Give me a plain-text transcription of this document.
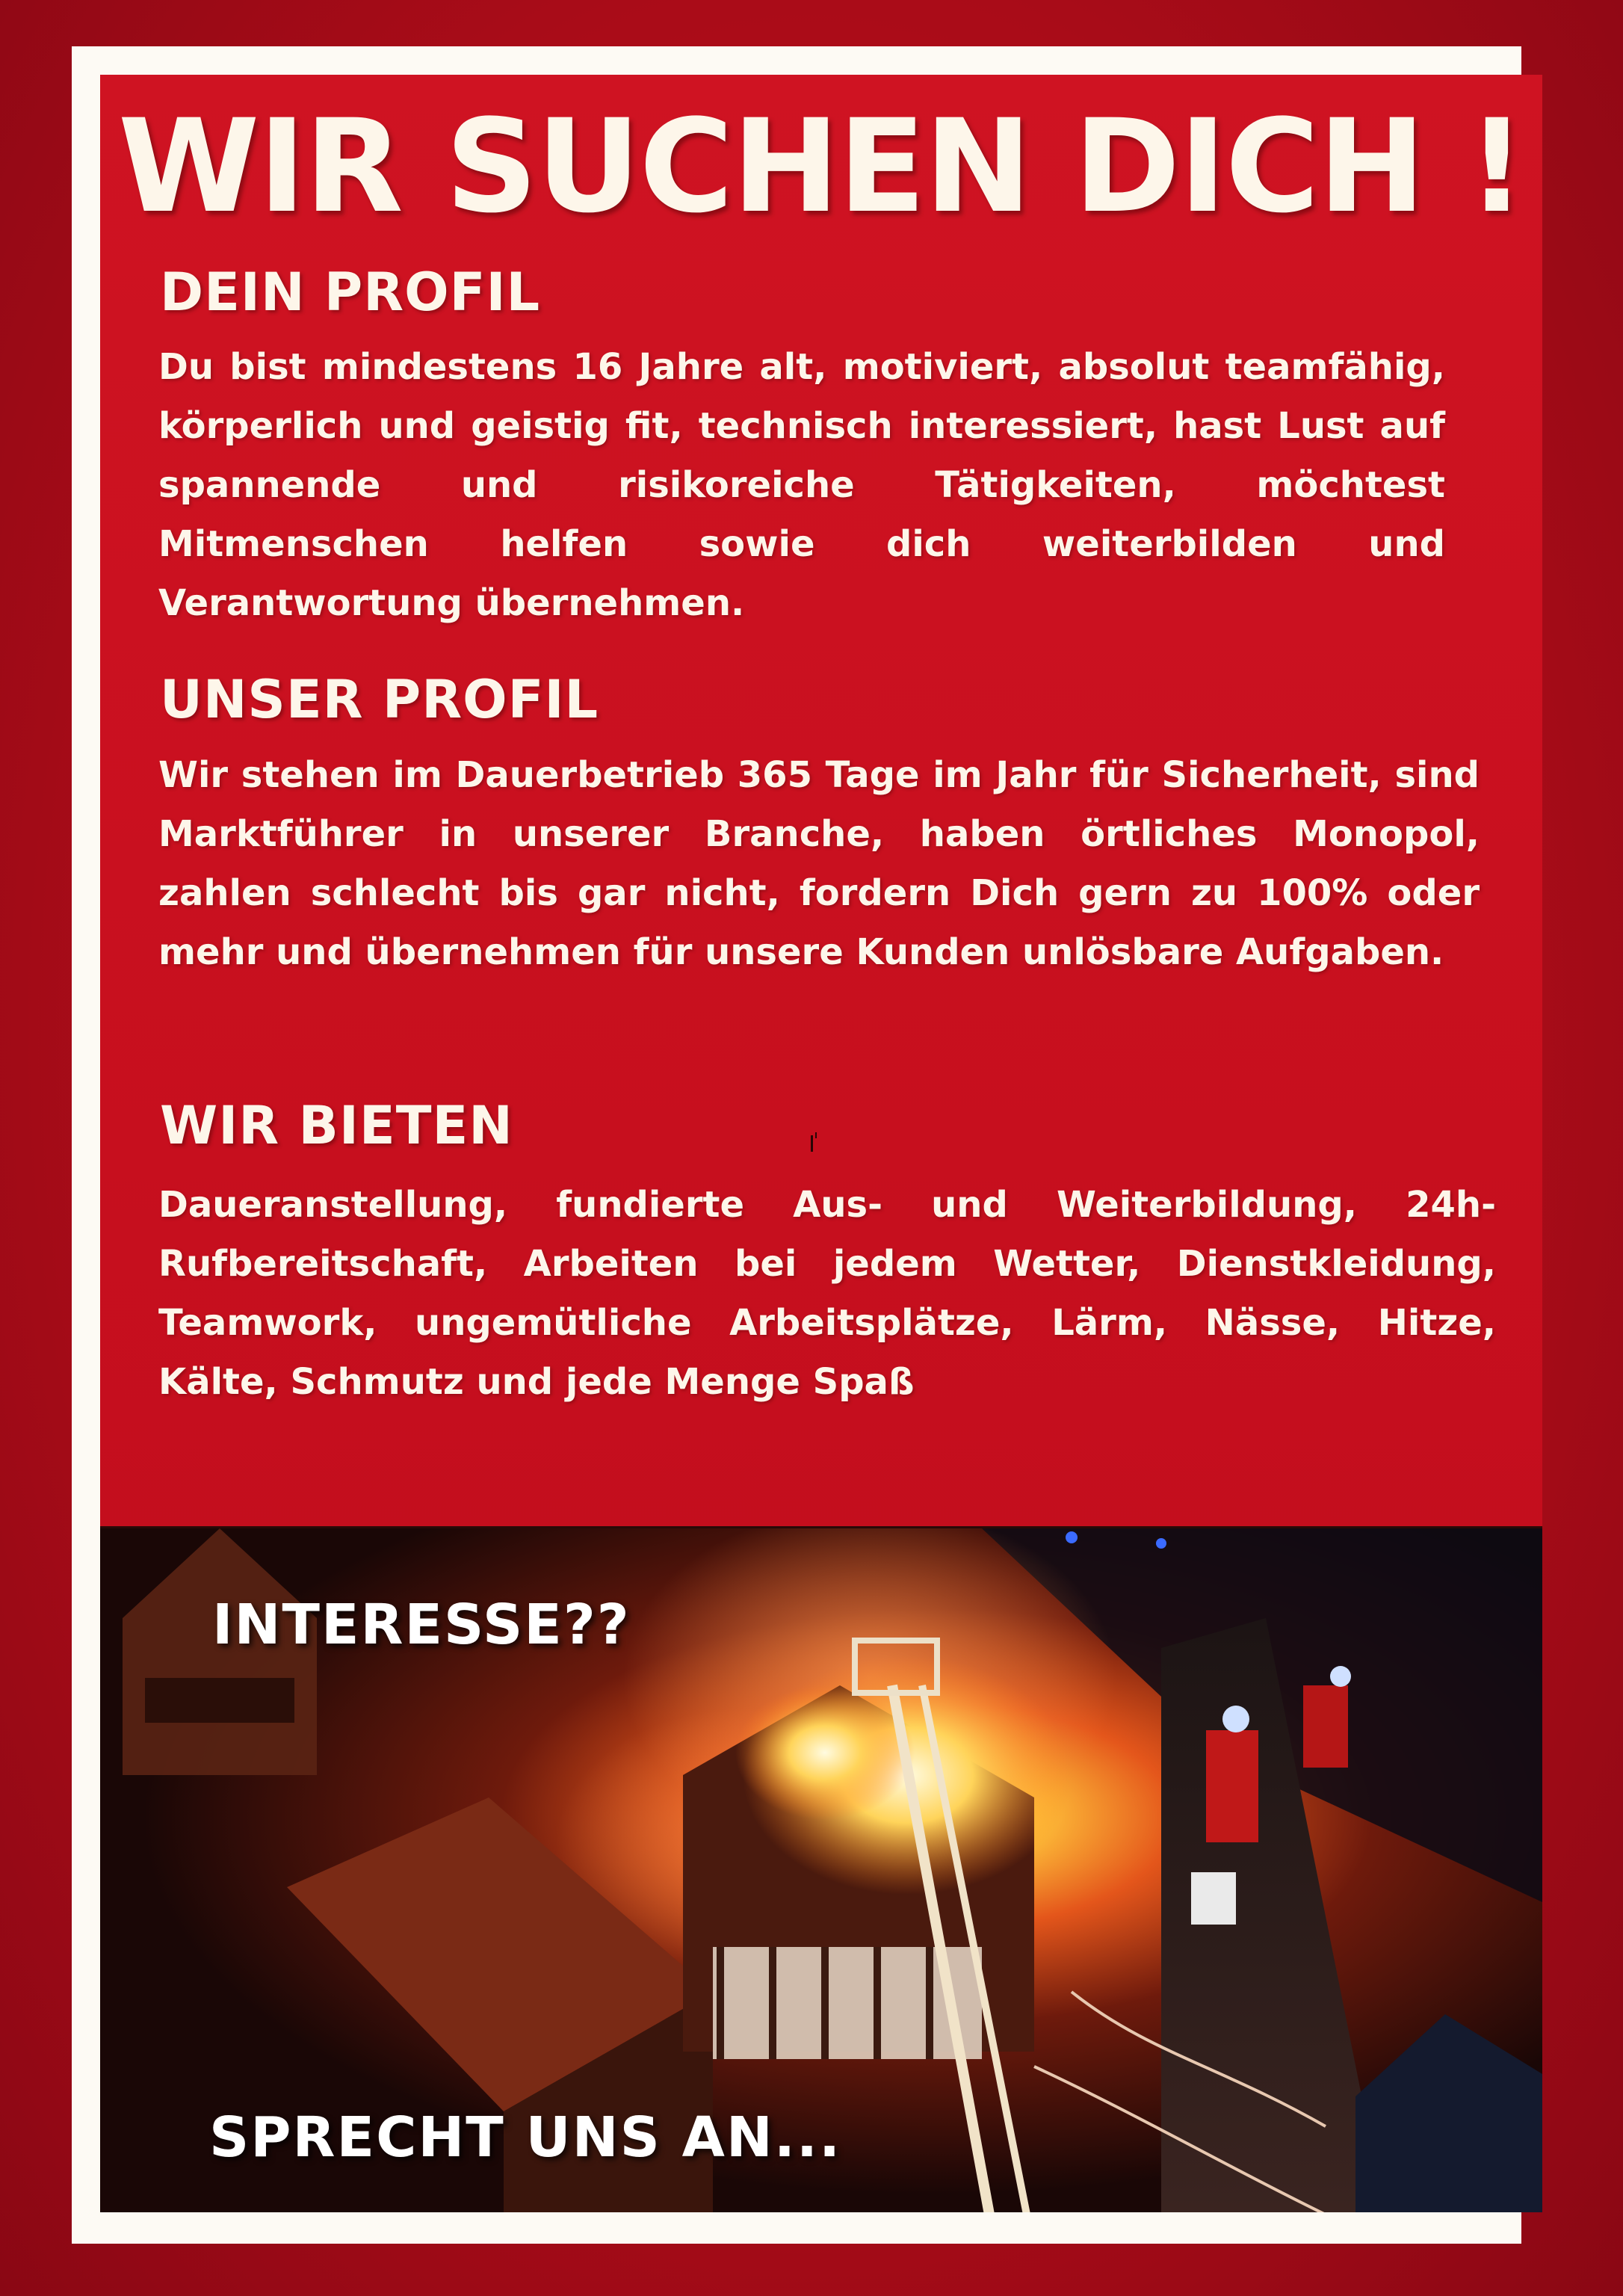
WIR SUCHEN DICH !
DEIN PROFIL

Du bist mindestens 16 Jahre alt, motiviert, absolut teamfähig, körperlich und geistig fit, technisch interessiert, hast Lust auf spannende und risikoreiche Tätigkeiten, möchtest Mitmenschen helfen sowie dich weiterbilden und Verantwortung übernehmen.

UNSER PROFIL

Wir stehen im Dauerbetrieb 365 Tage im Jahr für Sicherheit, sind Marktführer in unserer Branche, haben örtliches Monopol, zahlen schlecht bis gar nicht, fordern Dich gern zu 100% oder mehr und übernehmen für unsere Kunden unlösbare Aufgaben.

WIR BIETEN

Daueranstellung, fundierte Aus- und Weiterbildung, 24h-Rufbereitschaft, Arbeiten bei jedem Wetter, Dienstkleidung, Teamwork, ungemütliche Arbeitsplätze, Lärm, Nässe, Hitze, Kälte, Schmutz und jede Menge Spaß

INTERESSE??

SPRECHT UNS AN...
